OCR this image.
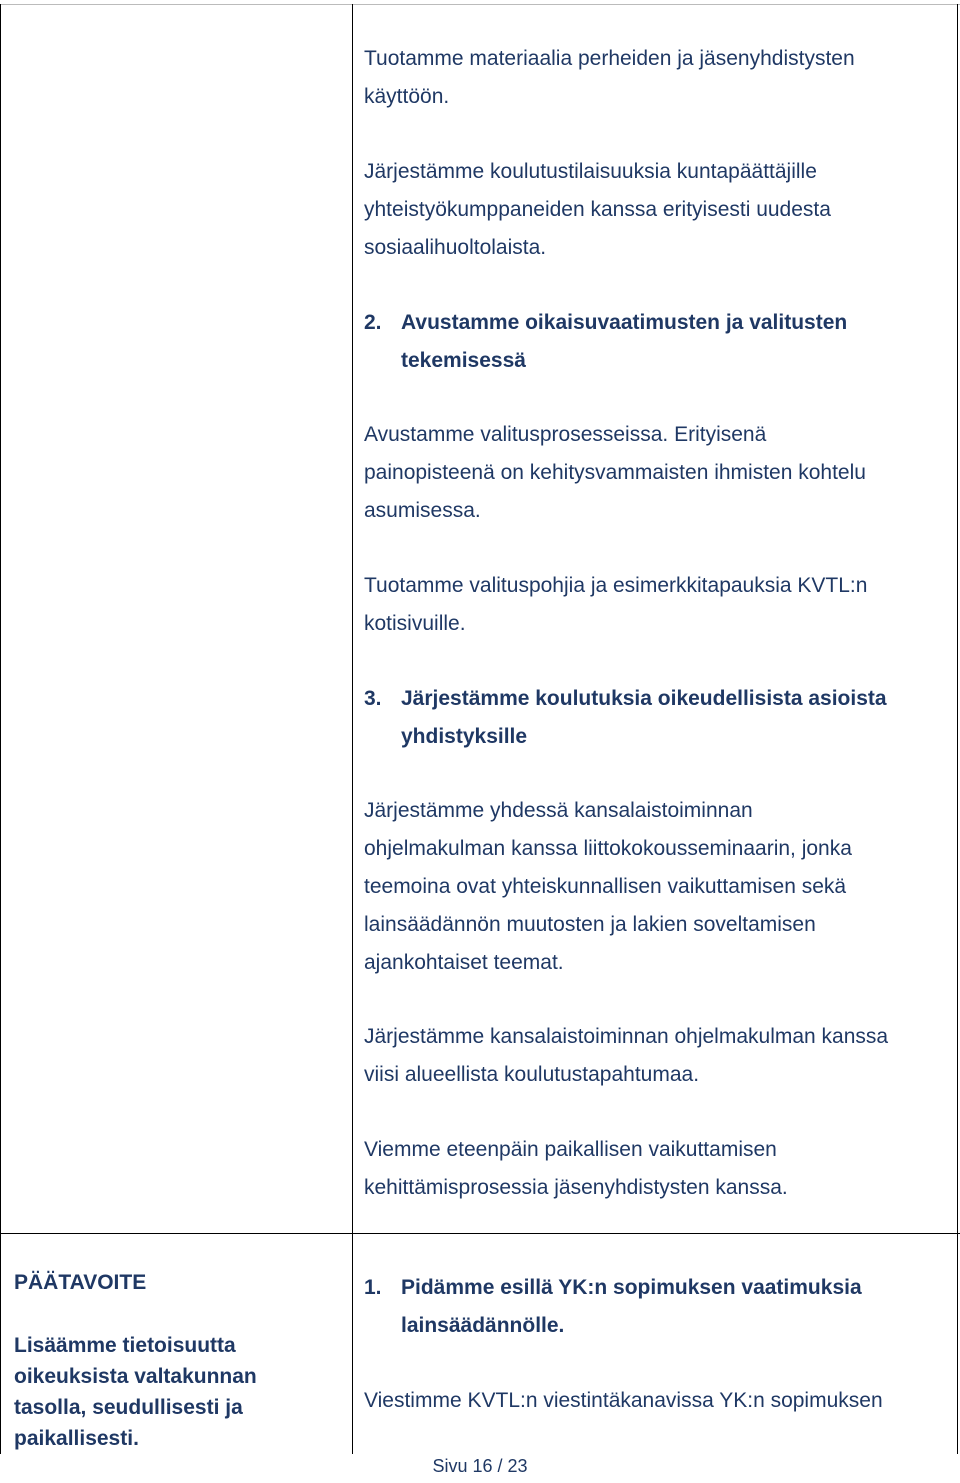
Tuotamme materiaalia perheiden ja jäsenyhdistysten
käyttöön.
Järjestämme koulutustilaisuuksia kuntapäättäjille
yhteistyökumppaneiden kanssa erityisesti uudesta
sosiaalihuoltolaista.
2. Avustamme oikaisuvaatimusten ja valitusten
tekemisessä
Avustamme valitusprosesseissa. Erityisenä
painopisteenä on kehitysvammaisten ihmisten kohtelu
asumisessa.
Tuotamme valituspohjia ja esimerkkitapauksia KVTL:n
kotisivuille.
3. Järjestämme koulutuksia oikeudellisista asioista
yhdistyksille
Järjestämme yhdessä kansalaistoiminnan
ohjelmakulman kanssa liittokokousseminaarin, jonka
teemoina ovat yhteiskunnallisen vaikuttamisen sekä
lainsäädännön muutosten ja lakien soveltamisen
ajankohtaiset teemat.
Järjestämme kansalaistoiminnan ohjelmakulman kanssa
viisi alueellista koulutustapahtumaa.
Viemme eteenpäin paikallisen vaikuttamisen
kehittämisprosessia jäsenyhdistysten kanssa.
PÄÄTAVOITE
Lisäämme tietoisuutta
oikeuksista valtakunnan
tasolla, seudullisesti ja
paikallisesti.
1. Pidämme esillä YK:n sopimuksen vaatimuksia
lainsäädännölle.
Viestimme KVTL:n viestintäkanavissa YK:n sopimuksen
Sivu 16 / 23
